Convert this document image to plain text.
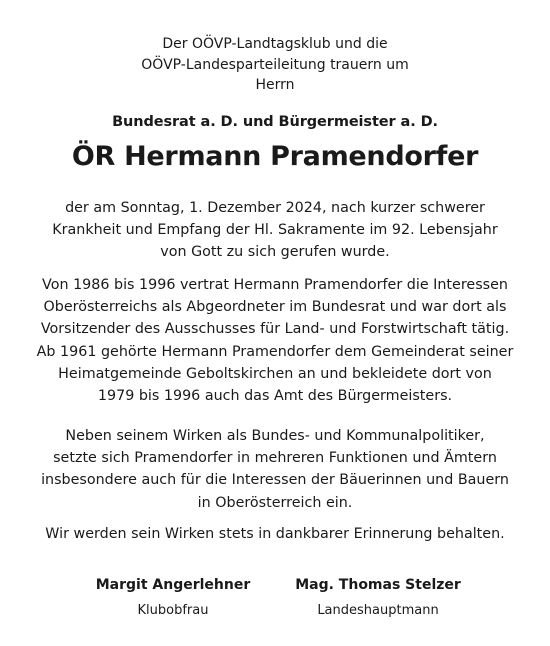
Der OÖVP-Landtagsklub und die
OÖVP-Landesparteileitung trauern um
Herrn
Bundesrat a. D. und Bürgermeister a. D.
ÖR Hermann Pramendorfer
der am Sonntag, 1. Dezember 2024, nach kurzer schwerer
Krankheit und Empfang der Hl. Sakramente im 92. Lebensjahr
von Gott zu sich gerufen wurde.
Von 1986 bis 1996 vertrat Hermann Pramendorfer die Interessen
Oberösterreichs als Abgeordneter im Bundesrat und war dort als
Vorsitzender des Ausschusses für Land- und Forstwirtschaft tätig.
Ab 1961 gehörte Hermann Pramendorfer dem Gemeinderat seiner
Heimatgemeinde Geboltskirchen an und bekleidete dort von
1979 bis 1996 auch das Amt des Bürgermeisters.
Neben seinem Wirken als Bundes- und Kommunalpolitiker,
setzte sich Pramendorfer in mehreren Funktionen und Ämtern
insbesondere auch für die Interessen der Bäuerinnen und Bauern
in Oberösterreich ein.
Wir werden sein Wirken stets in dankbarer Erinnerung behalten.
Margit Angerlehner
Klubobfrau
Mag. Thomas Stelzer
Landeshauptmann
